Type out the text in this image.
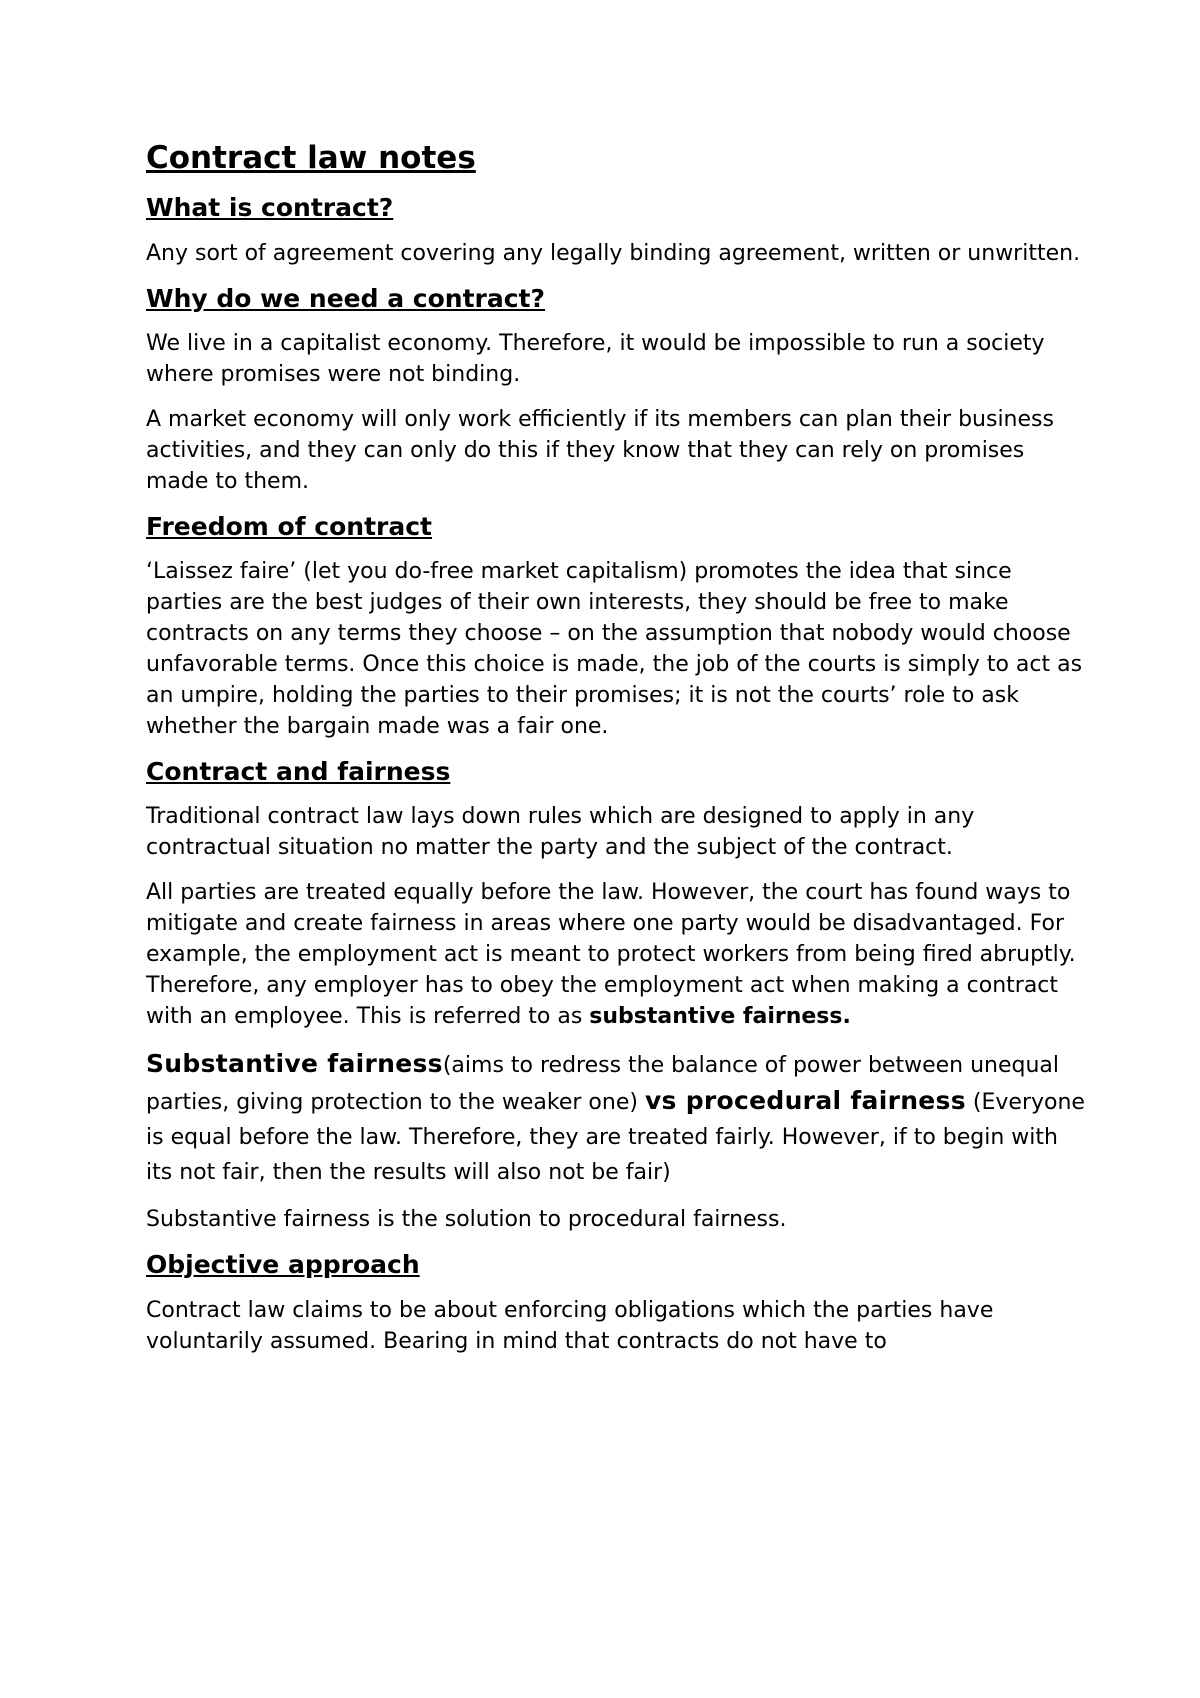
Contract law notes
What is contract?

Any sort of agreement covering any legally binding agreement, written or unwritten.

Why do we need a contract?

We live in a capitalist economy. Therefore, it would be impossible to run a society where promises were not binding.

A market economy will only work efficiently if its members can plan their business activities, and they can only do this if they know that they can rely on promises made to them.

Freedom of contract

‘Laissez faire’ (let you do-free market capitalism) promotes the idea that since parties are the best judges of their own interests, they should be free to make contracts on any terms they choose – on the assumption that nobody would choose unfavorable terms. Once this choice is made, the job of the courts is simply to act as an umpire, holding the parties to their promises; it is not the courts’ role to ask whether the bargain made was a fair one.

Contract and fairness

Traditional contract law lays down rules which are designed to apply in any contractual situation no matter the party and the subject of the contract.

All parties are treated equally before the law. However, the court has found ways to mitigate and create fairness in areas where one party would be disadvantaged. For example, the employment act is meant to protect workers from being fired abruptly. Therefore, any employer has to obey the employment act when making a contract with an employee. This is referred to as substantive fairness.

Substantive fairness(aims to redress the balance of power between unequal parties, giving protection to the weaker one) vs procedural fairness (Everyone is equal before the law. Therefore, they are treated fairly. However, if to begin with its not fair, then the results will also not be fair)

Substantive fairness is the solution to procedural fairness.

Objective approach

Contract law claims to be about enforcing obligations which the parties have voluntarily assumed. Bearing in mind that contracts do not have to
